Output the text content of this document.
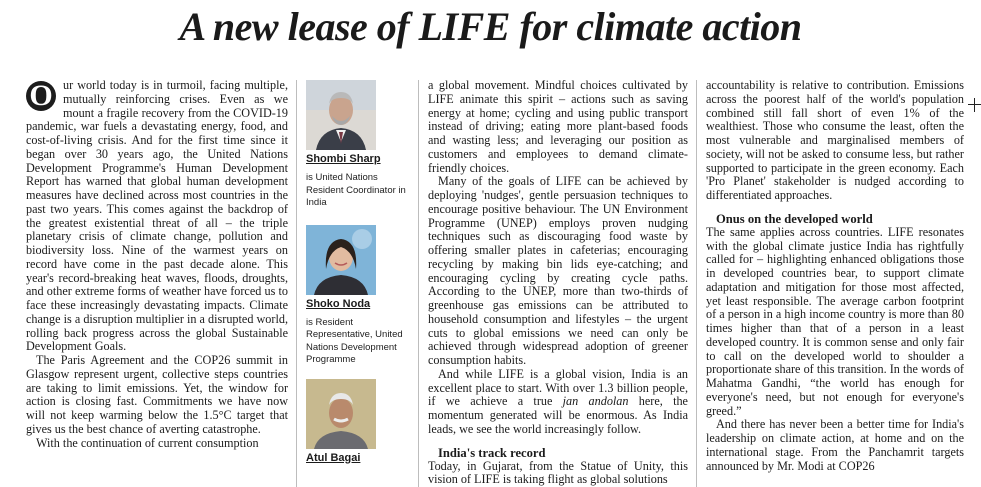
A new lease of LIFE for climate action

O ur world today is in turmoil, facing multiple, mutually reinforcing crises. Even as we mount a fragile recovery from the COVID-19 pandemic, war fuels a devastating energy, food, and cost-of-living crisis. And for the first time since it began over 30 years ago, the United Nations Development Programme's Human Development Report has warned that global human development measures have declined across most countries in the past two years. This comes against the backdrop of the greatest existential threat of all – the triple planetary crisis of climate change, pollution and biodiversity loss. Nine of the warmest years on record have come in the past decade alone. This year's record-breaking heat waves, floods, droughts, and other extreme forms of weather have forced us to face these increasingly devastating impacts. Climate change is a disruption multiplier in a disrupted world, rolling back progress across the global Sustainable Development Goals.

The Paris Agreement and the COP26 summit in Glasgow represent urgent, collective steps countries are taking to limit emissions. Yet, the window for action is closing fast. Commitments we have now will not keep warming below the 1.5°C target that gives us the best chance of averting catastrophe.

With the continuation of current consumption

Shombi Sharp
is United Nations Resident Coordinator in India
Shoko Noda
is Resident Representative, United Nations Development Programme
Atul Bagai

a global movement. Mindful choices cultivated by LIFE animate this spirit – actions such as saving energy at home; cycling and using public transport instead of driving; eating more plant-based foods and wasting less; and leveraging our position as customers and employees to demand climate-friendly choices.

Many of the goals of LIFE can be achieved by deploying 'nudges', gentle persuasion techniques to encourage positive behaviour. The UN Environment Programme (UNEP) employs proven nudging techniques such as discouraging food waste by offering smaller plates in cafeterias; encouraging recycling by making bin lids eye-catching; and encouraging cycling by creating cycle paths. According to the UNEP, more than two-thirds of greenhouse gas emissions can be attributed to household consumption and lifestyles – the urgent cuts to global emissions we need can only be achieved through widespread adoption of greener consumption habits.

And while LIFE is a global vision, India is an excellent place to start. With over 1.3 billion people, if we achieve a true jan andolan here, the momentum generated will be enormous. As India leads, we see the world increasingly follow.

India's track record

Today, in Gujarat, from the Statue of Unity, this vision of LIFE is taking flight as global solutions

accountability is relative to contribution. Emissions across the poorest half of the world's population combined still fall short of even 1% of the wealthiest. Those who consume the least, often the most vulnerable and marginalised members of society, will not be asked to consume less, but rather supported to participate in the green economy. Each 'Pro Planet' stakeholder is nudged according to differentiated approaches.

Onus on the developed world

The same applies across countries. LIFE resonates with the global climate justice India has rightfully called for – highlighting enhanced obligations those in developed countries bear, to support climate adaptation and mitigation for those most affected, yet least responsible. The average carbon footprint of a person in a high income country is more than 80 times higher than that of a person in a least developed country. It is common sense and only fair to call on the developed world to shoulder a proportionate share of this transition. In the words of Mahatma Gandhi, “the world has enough for everyone's need, but not enough for everyone's greed.”

And there has never been a better time for India's leadership on climate action, at home and on the international stage. From the Panchamrit targets announced by Mr. Modi at COP26
